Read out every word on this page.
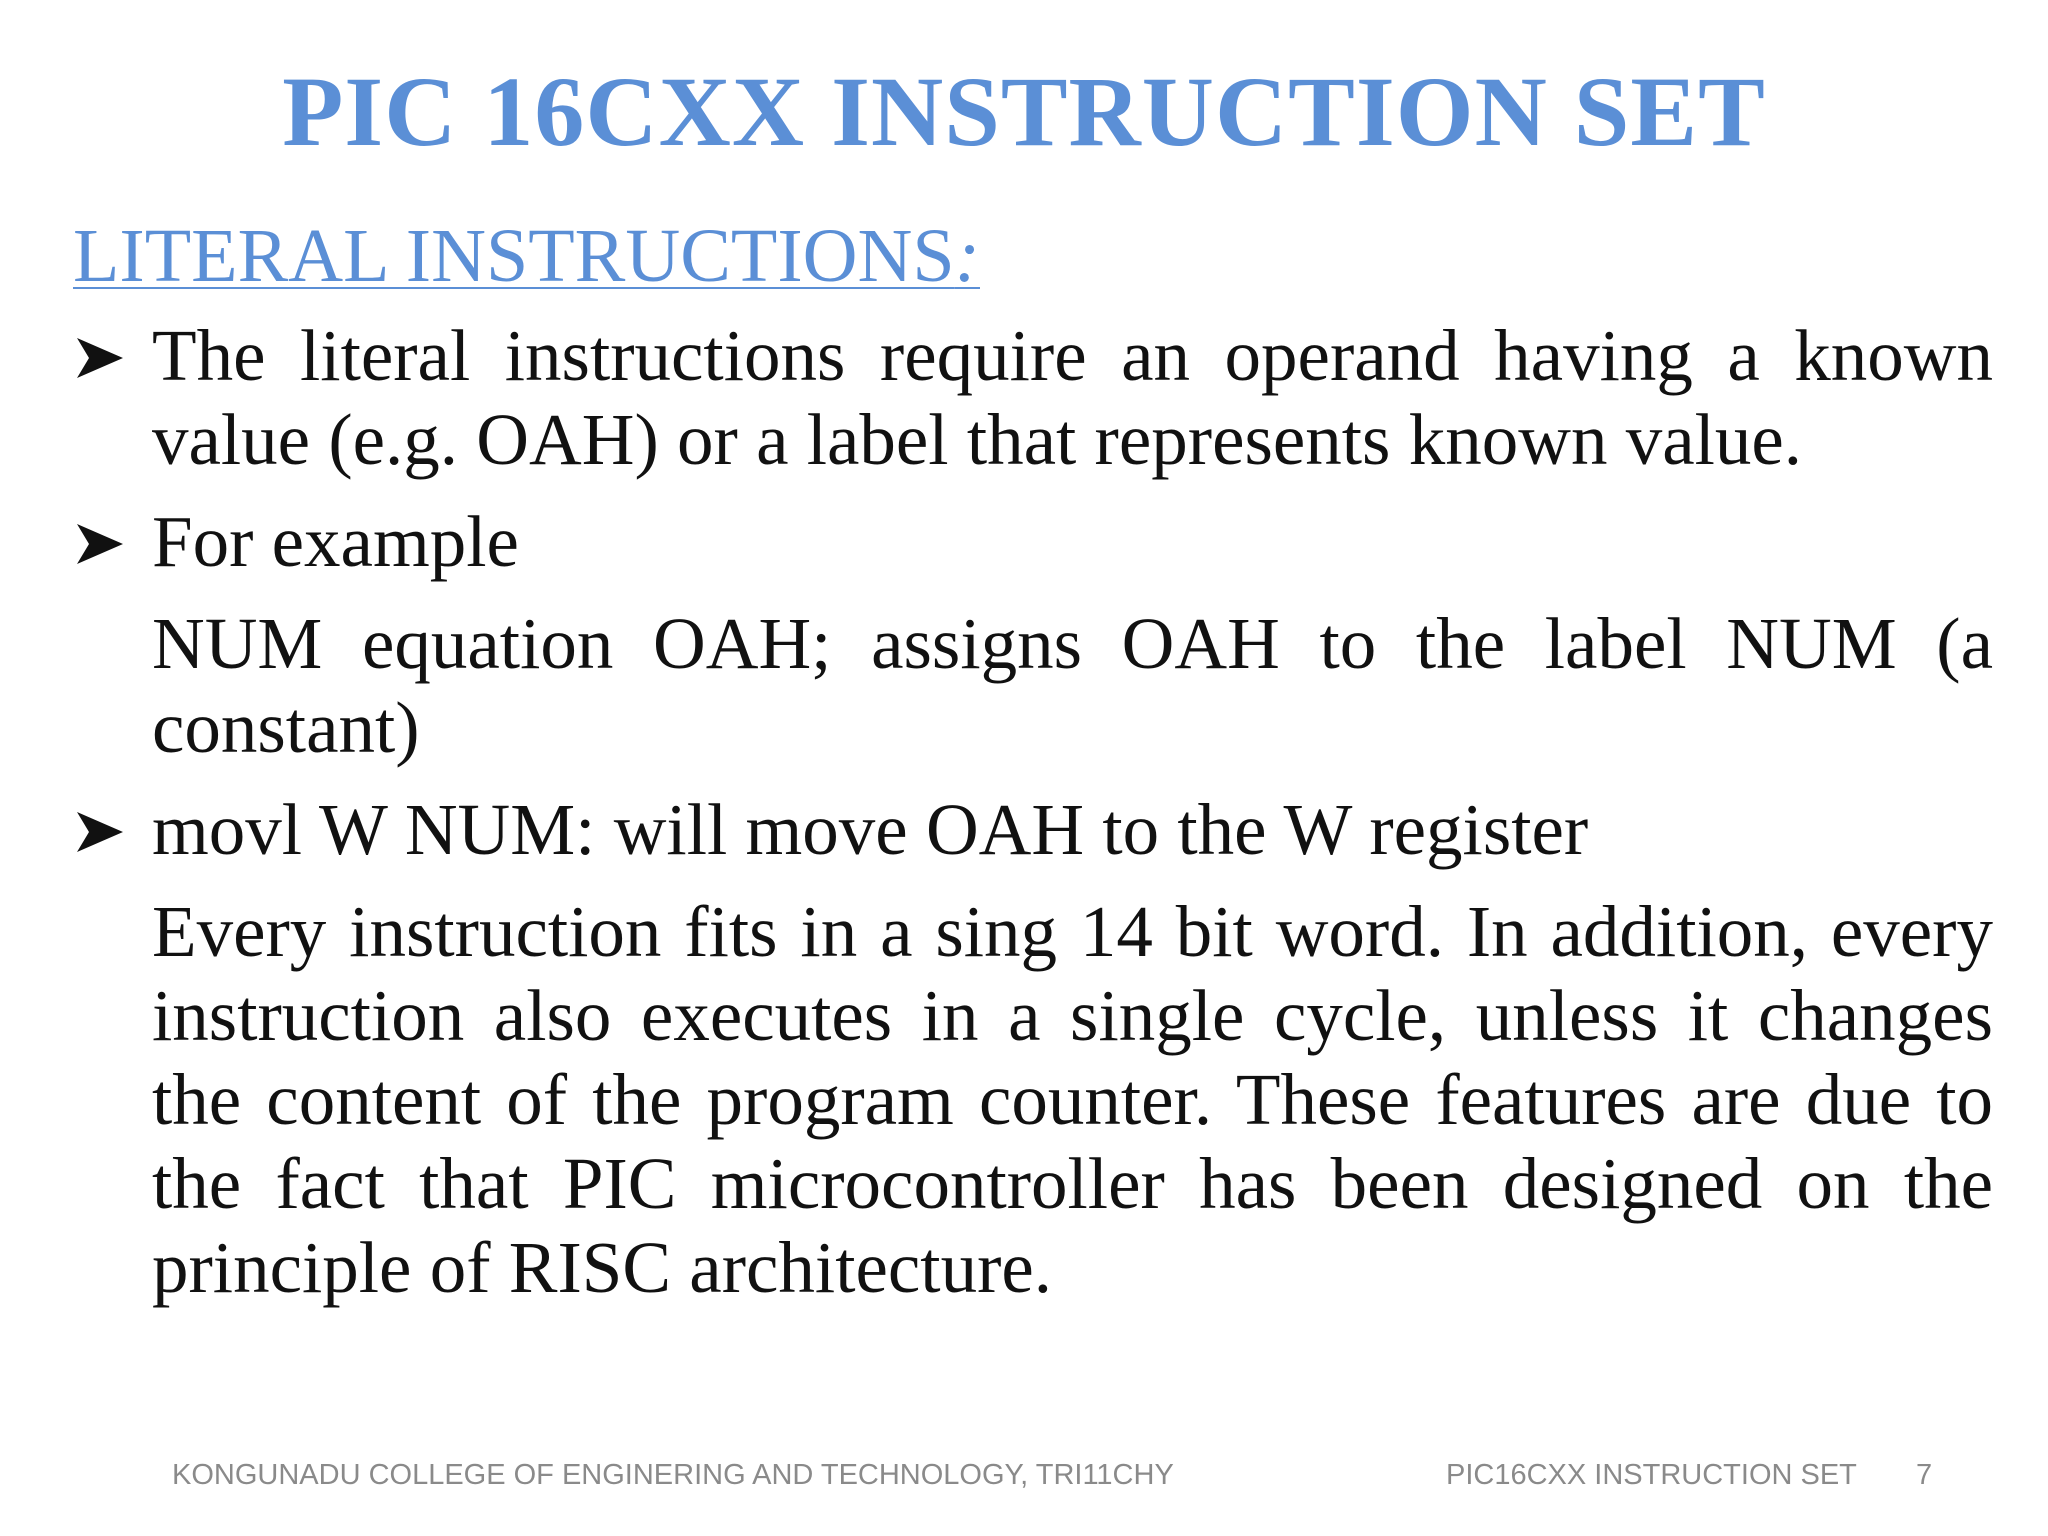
PIC 16CXX INSTRUCTION SET
LITERAL INSTRUCTIONS:

The literal instructions require an operand having a known value (e.g. OAH) or a label that represents known value.

For example

NUM equation OAH; assigns OAH to the label NUM (a constant)

movl W NUM: will move OAH to the W register

Every instruction fits in a sing 14 bit word. In addition, every instruction also executes in a single cycle, unless it changes the content of the program counter. These features are due to the fact that PIC microcontroller has been designed on the principle of RISC architecture.

KONGUNADU COLLEGE OF ENGINERING AND TECHNOLOGY, TRI11CHY	PIC16CXX INSTRUCTION SET 7
